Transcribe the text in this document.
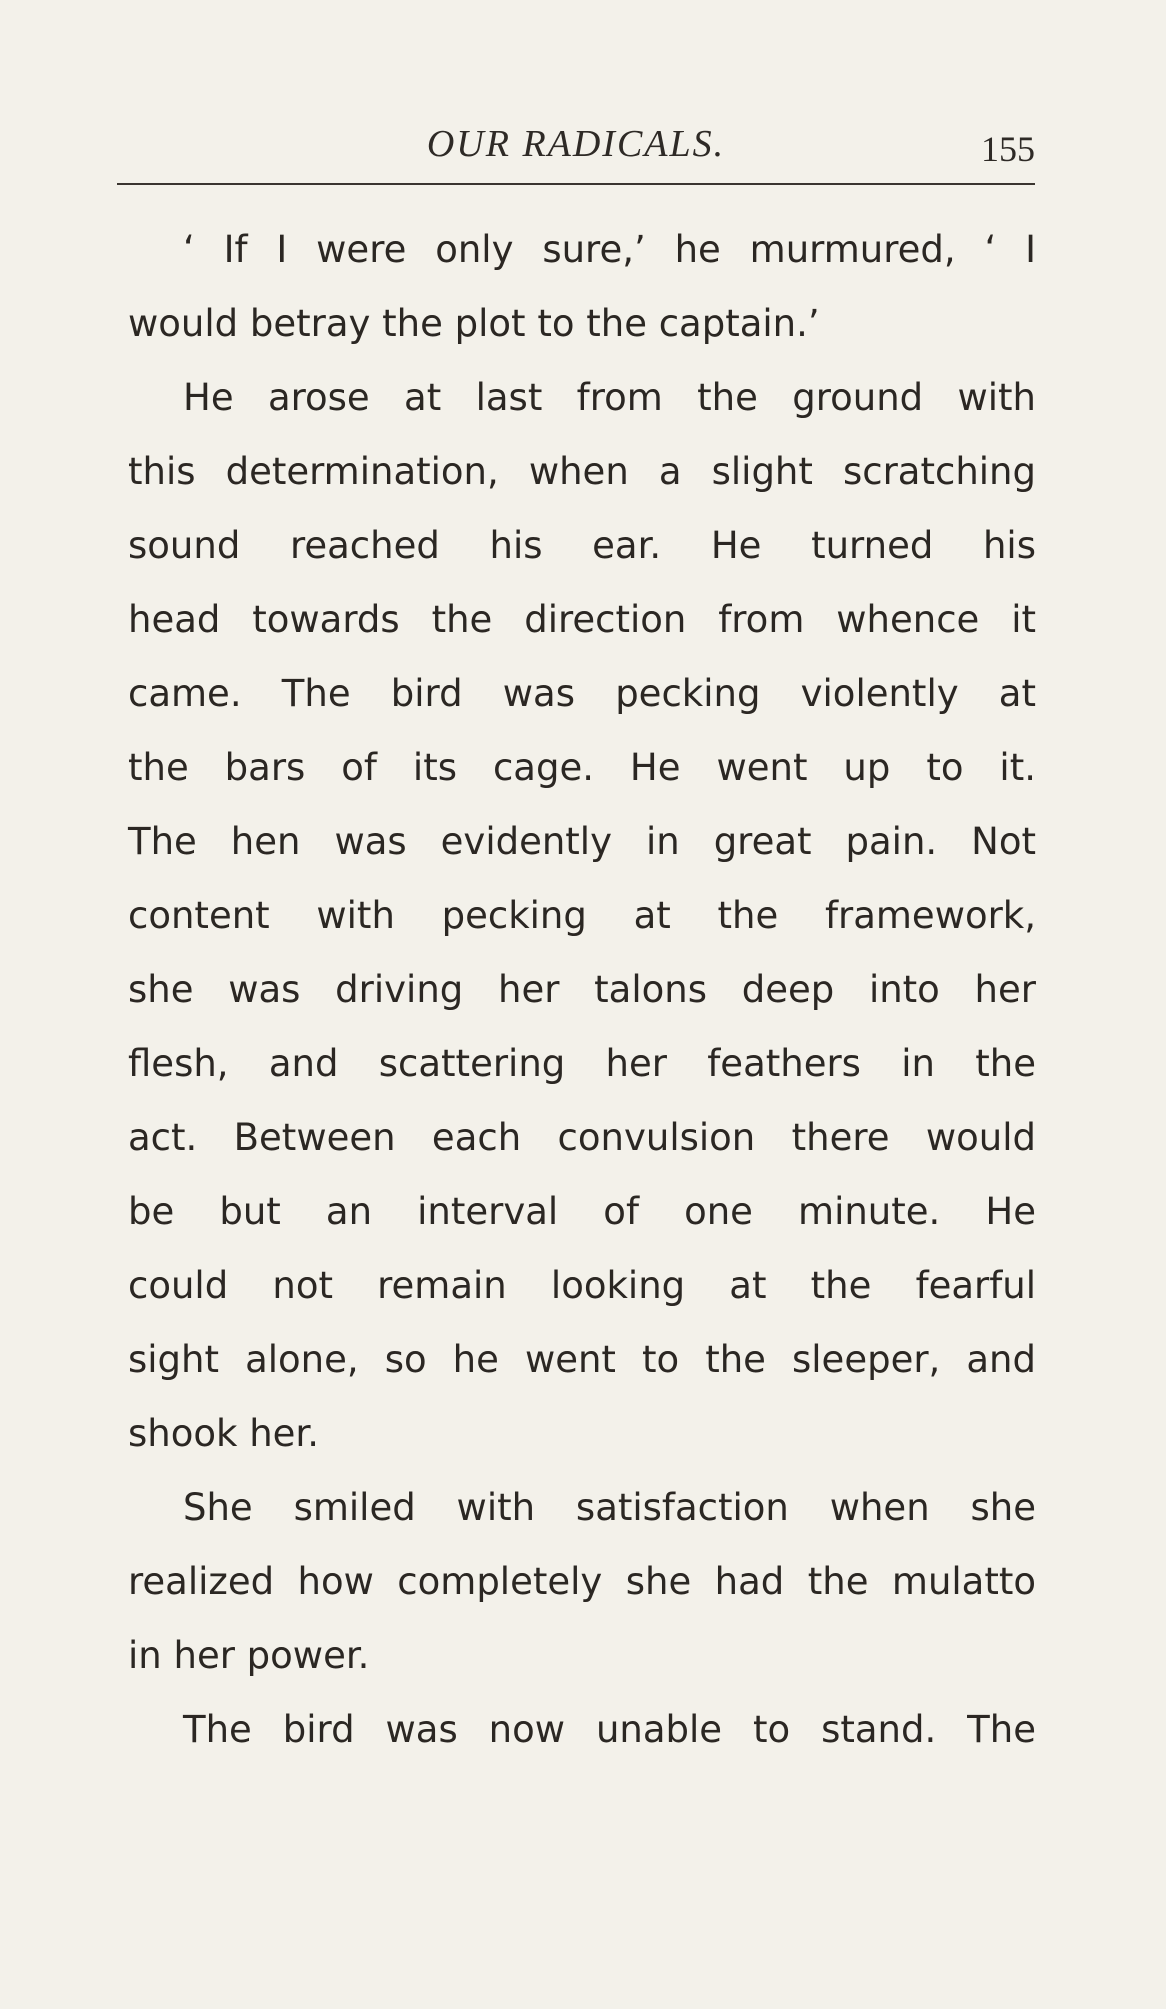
OUR RADICALS.	155
‘ If I were only sure,’ he murmured, ‘ I
would betray the plot to the captain.’
He arose at last from the ground with
this determination, when a slight scratching
sound reached his ear. He turned his
head towards the direction from whence it
came. The bird was pecking violently at
the bars of its cage. He went up to it.
The hen was evidently in great pain. Not
content with pecking at the framework,
she was driving her talons deep into her
flesh, and scattering her feathers in the
act. Between each convulsion there would
be but an interval of one minute. He
could not remain looking at the fearful
sight alone, so he went to the sleeper, and
shook her.
She smiled with satisfaction when she
realized how completely she had the mulatto
in her power.
The bird was now unable to stand. The
